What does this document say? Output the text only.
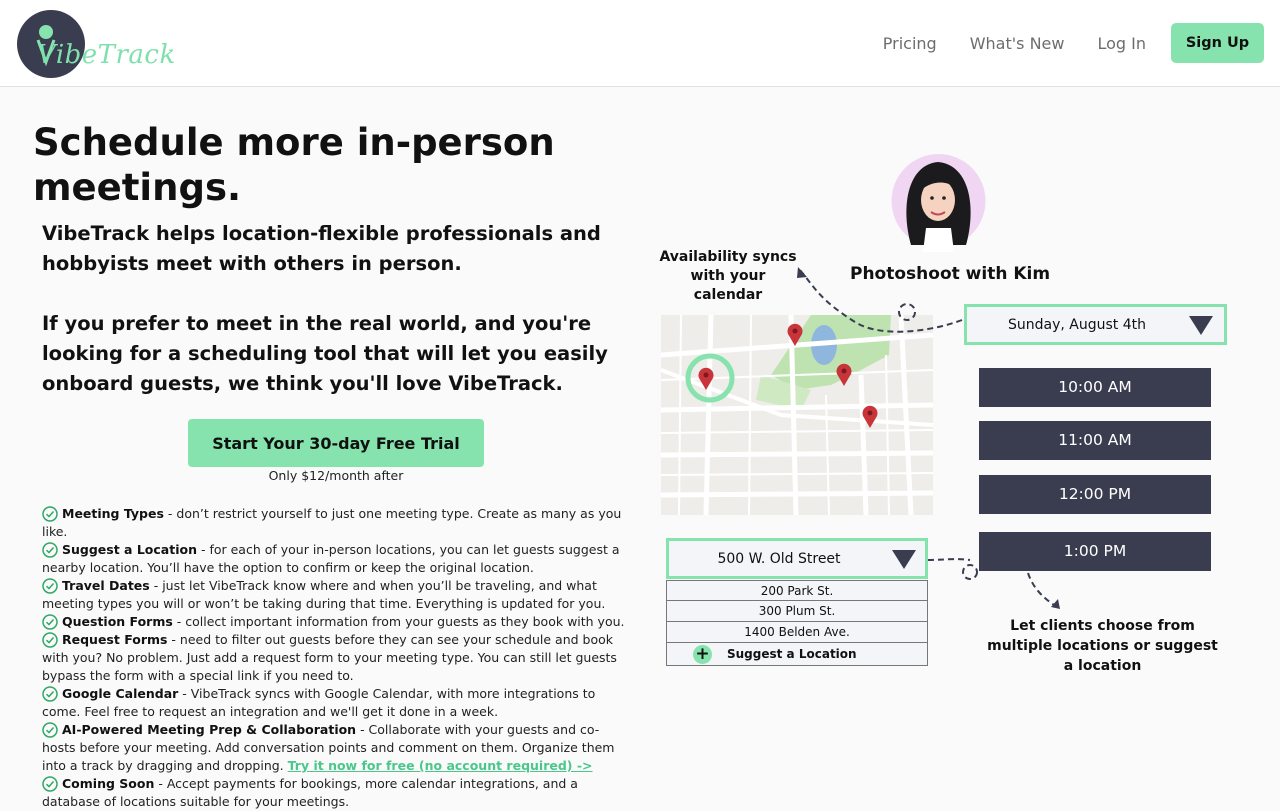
VibeTrack	Pricing What's New Log In	Sign Up
Schedule more in-person meetings.

VibeTrack helps location-flexible professionals and hobbyists meet with others in person.

If you prefer to meet in the real world, and you're looking for a scheduling tool that will let you easily onboard guests, we think you'll love VibeTrack.

Start Your 30-day Free Trial
Only $12/month after
Meeting Types - don’t restrict yourself to just one meeting type. Create as many as you like.
Suggest a Location - for each of your in-person locations, you can let guests suggest a nearby location. You’ll have the option to confirm or keep the original location.
Travel Dates - just let VibeTrack know where and when you’ll be traveling, and what meeting types you will or won’t be taking during that time. Everything is updated for you.
Question Forms - collect important information from your guests as they book with you.
Request Forms - need to filter out guests before they can see your schedule and book with you? No problem. Just add a request form to your meeting type. You can still let guests bypass the form with a special link if you need to.
Google Calendar - VibeTrack syncs with Google Calendar, with more integrations to come. Feel free to request an integration and we'll get it done in a week.
AI-Powered Meeting Prep & Collaboration - Collaborate with your guests and co-hosts before your meeting. Add conversation points and comment on them. Organize them into a track by dragging and dropping. Try it now for free (no account required) ->
Coming Soon - Accept payments for bookings, more calendar integrations, and a database of locations suitable for your meetings.
Photoshoot with Kim
Availability syncs with your calendar
Sunday, August 4th
10:00 AM
11:00 AM
12:00 PM
1:00 PM
500 W. Old Street
200 Park St.
300 Plum St.
1400 Belden Ave.
+ Suggest a Location
Let clients choose from multiple locations or suggest a location
